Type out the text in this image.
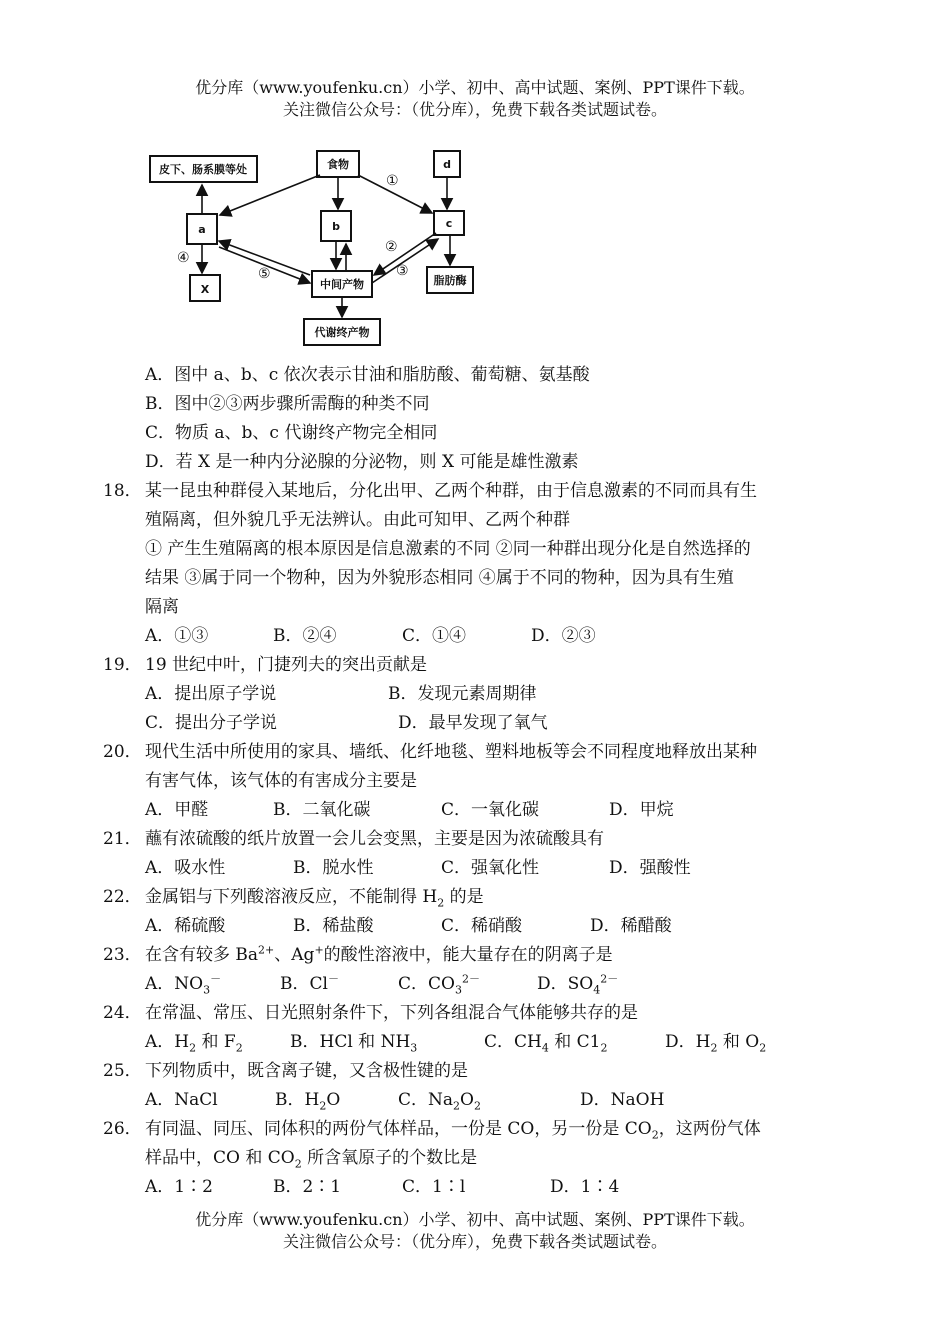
优分库（www.youfenku.cn）小学、初中、高中试题、案例、PPT课件下载。
关注微信公众号：（优分库），免费下载各类试题试卷。
皮下、肠系膜等处	食物	d
a	b	c
X	中间产物	脂肪酶
代谢终产物
①
②
③
④
⑤
A．图中 a、b、c 依次表示甘油和脂肪酸、葡萄糖、氨基酸
B．图中②③两步骤所需酶的种类不同
C．物质 a、b、c 代谢终产物完全相同
D．若 X 是一种内分泌腺的分泌物，则 X 可能是雄性激素
18． 某一昆虫种群侵入某地后，分化出甲、乙两个种群，由于信息激素的不同而具有生
殖隔离，但外貌几乎无法辨认。由此可知甲、乙两个种群
① 产生生殖隔离的根本原因是信息激素的不同 ②同一种群出现分化是自然选择的
结果 ③属于同一个物种，因为外貌形态相同 ④属于不同的物种，因为具有生殖
隔离
A．①③	B．②④	C．①④	D．②③
19． 19 世纪中叶，门捷列夫的突出贡献是
A．提出原子学说	B．发现元素周期律
C．提出分子学说	D．最早发现了氧气
20． 现代生活中所使用的家具、墙纸、化纤地毯、塑料地板等会不同程度地释放出某种
有害气体，该气体的有害成分主要是
A．甲醛	B．二氧化碳	C．一氧化碳	D．甲烷
21． 蘸有浓硫酸的纸片放置一会儿会变黑，主要是因为浓硫酸具有
A．吸水性	B．脱水性	C．强氧化性	D．强酸性
22． 金属铝与下列酸溶液反应，不能制得 $H_2$ 的是
A．稀硫酸	B．稀盐酸	C．稀硝酸	D．稀醋酸
23． 在含有较多 $Ba^{2+}$、Ag+的酸性溶液中，能大量存在的阴离子是
A．$NO_3^-$	B．Cl－	C．$CO_3^{2-}$	D．$SO_4^{2-}$
24． 在常温、常压、日光照射条件下，下列各组混合气体能够共存的是
A．$H_2$ 和 $F_2$	B．HCl 和 $NH_3$	C．$CH_4$ 和 $C1_2$	D．$H_2$ 和 $O_2$
25． 下列物质中，既含离子键，又含极性键的是
A．NaCl	B．$H_2O$	C．$Na_2O_2$	D．NaOH
26． 有同温、同压、同体积的两份气体样品，一份是 CO，另一份是 $CO_2$，这两份气体
样品中，CO 和 $CO_2$ 所含氧原子的个数比是
A．1∶2	B．2∶1	C．1∶l	D．1∶4
优分库（www.youfenku.cn）小学、初中、高中试题、案例、PPT课件下载。
关注微信公众号：（优分库），免费下载各类试题试卷。
